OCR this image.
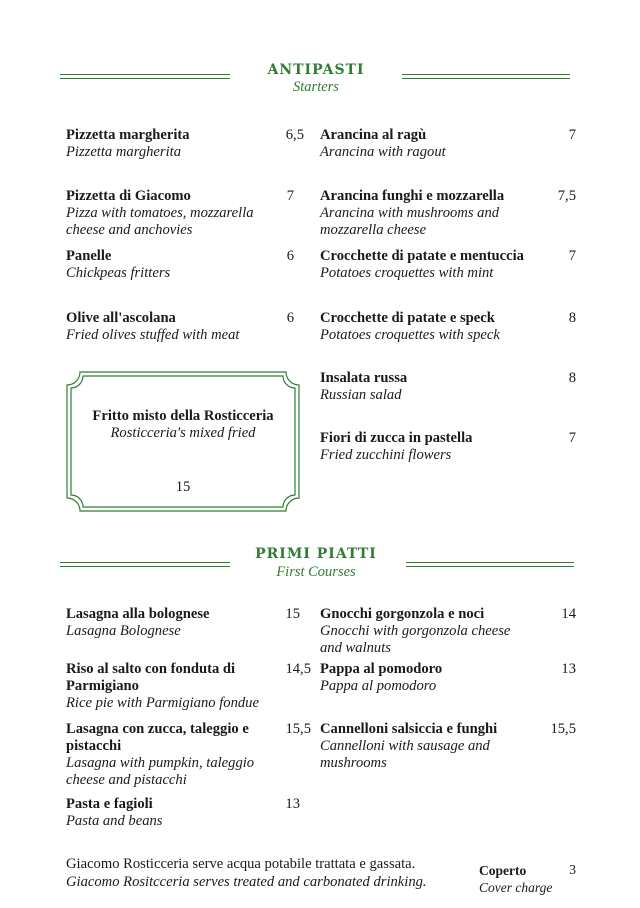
ANTIPASTI
Starters
Pizzetta margherita
Pizzetta margherita
6,5
Pizzetta di Giacomo
Pizza with tomatoes, mozzarella cheese and anchovies
7
Panelle
Chickpeas fritters
6
Olive all'ascolana
Fried olives stuffed with meat
6
Fritto misto della Rosticceria
Rosticceria's mixed fried
15
Arancina al ragù
Arancina with ragout
7
Arancina funghi e mozzarella
Arancina with mushrooms and mozzarella cheese
7,5
Crocchette di patate e mentuccia
Potatoes croquettes with mint
7
Crocchette di patate e speck
Potatoes croquettes with speck
8
Insalata russa
Russian salad
8
Fiori di zucca in pastella
Fried zucchini flowers
7
PRIMI PIATTI
First Courses
Lasagna alla bolognese
Lasagna Bolognese
15
Riso al salto con fonduta di Parmigiano
Rice pie with Parmigiano fondue
14,5
Lasagna con zucca, taleggio e pistacchi
Lasagna with pumpkin, taleggio cheese and pistacchi
15,5
Pasta e fagioli
Pasta and beans
13
Gnocchi gorgonzola e noci
Gnocchi with gorgonzola cheese and walnuts
14
Pappa al pomodoro
Pappa al pomodoro
13
Cannelloni salsiccia e funghi
Cannelloni with sausage and mushrooms
15,5
Giacomo Rosticceria serve acqua potabile trattata e gassata.
Giacomo Rositcceria serves treated and carbonated drinking.
Coperto
Cover charge
3
